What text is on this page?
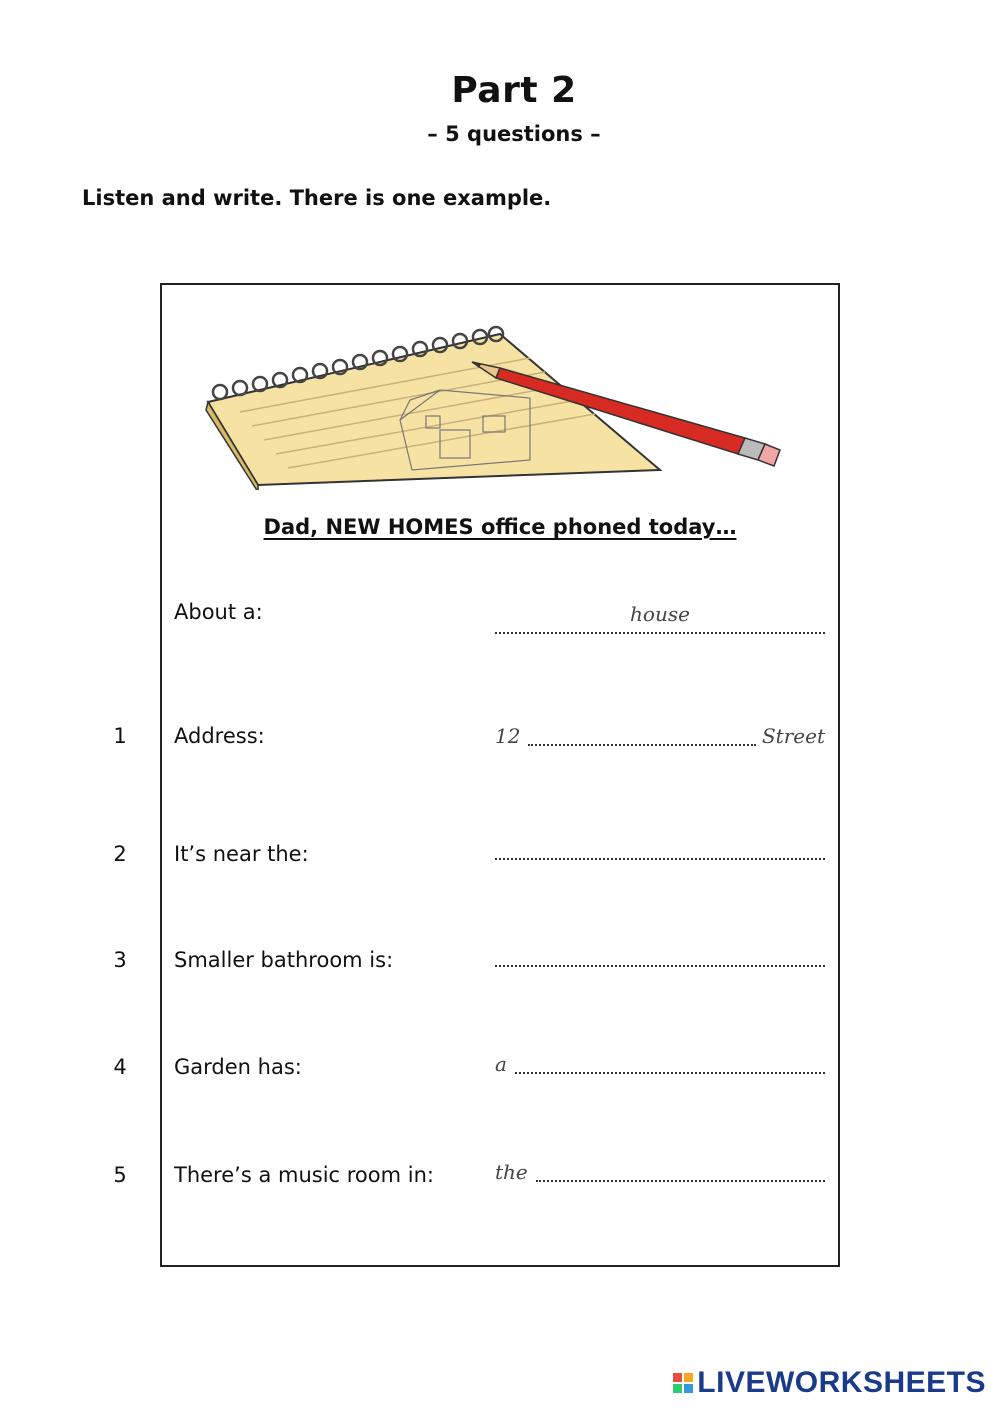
Part 2
– 5 questions –
Listen and write. There is one example.
Dad, NEW HOMES office phoned today…
About a:	house
1 Address:	12	Street
2 It’s near the:
3 Smaller bathroom is:
4 Garden has:	a
5 There’s a music room in:	the
LIVEWORKSHEETS
